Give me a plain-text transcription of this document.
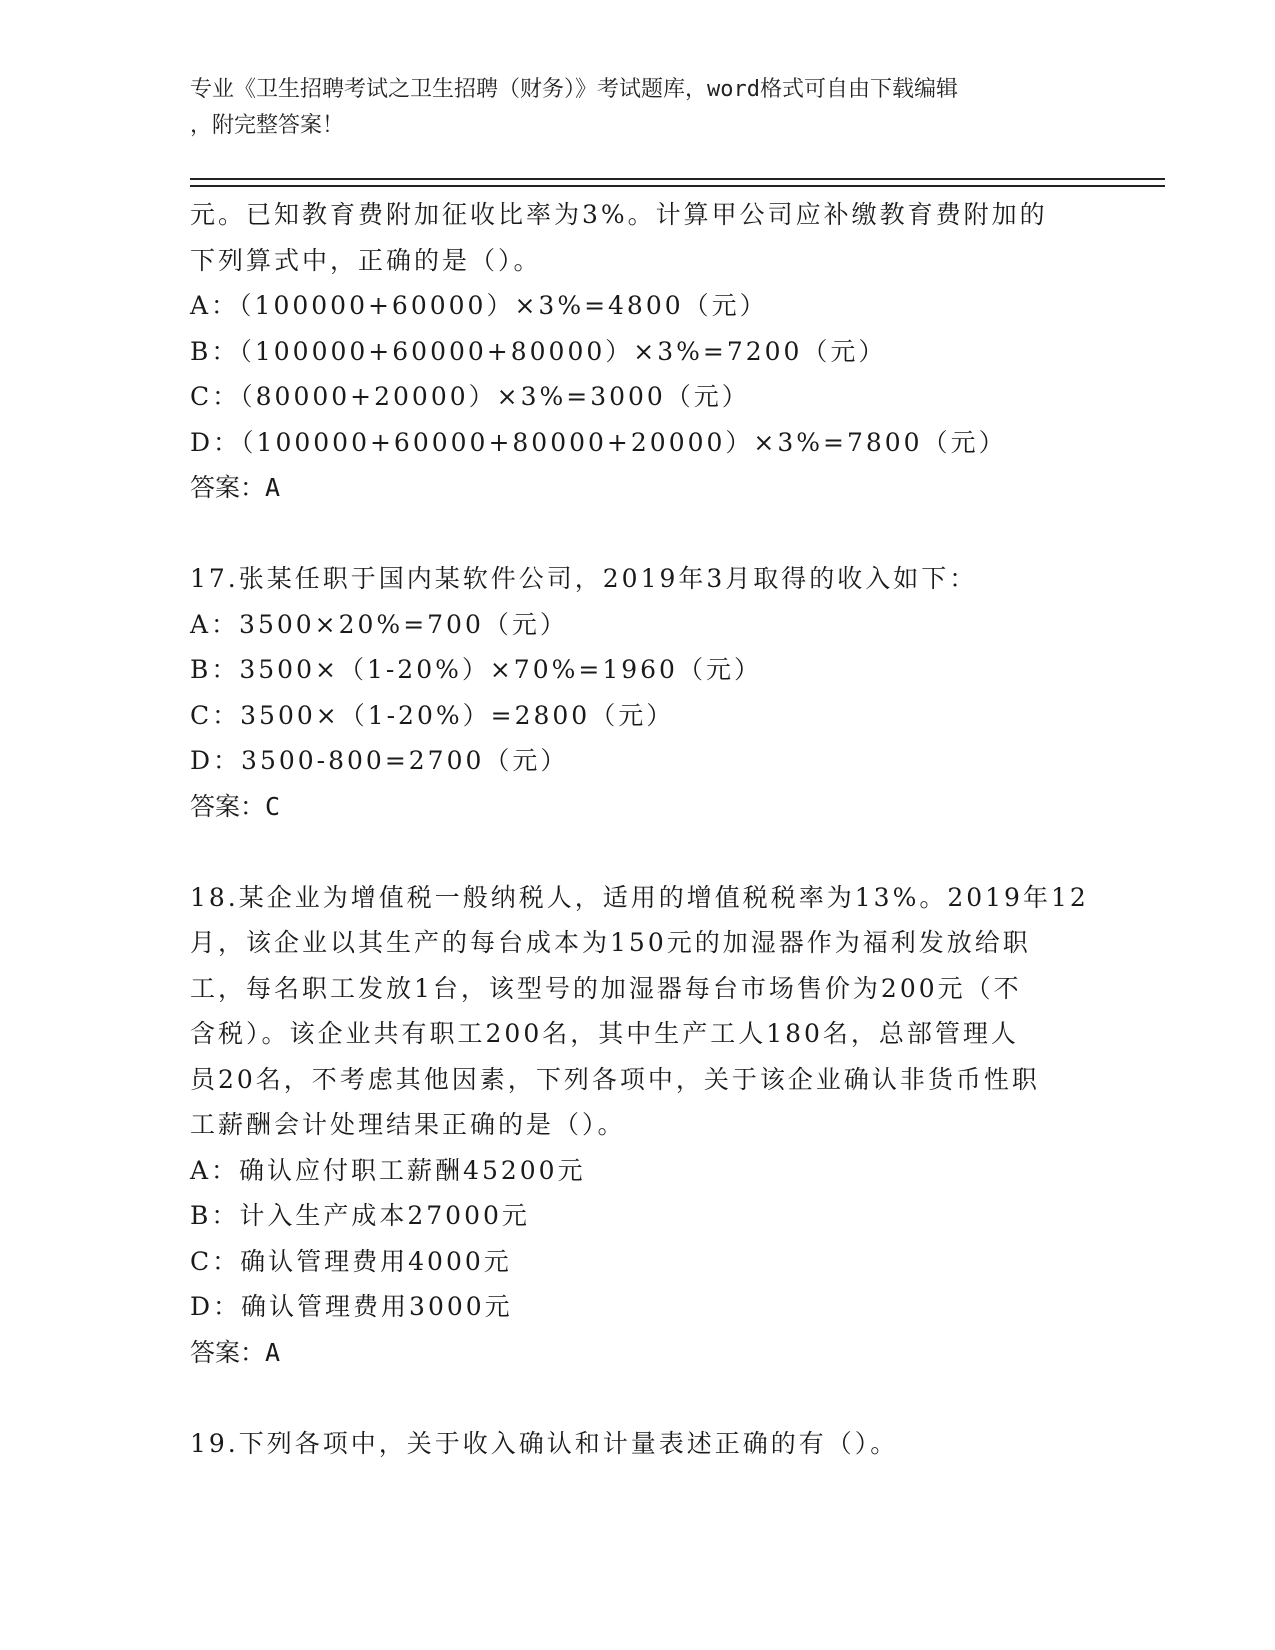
专业《卫生招聘考试之卫生招聘（财务）》考试题库，word格式可自由下载编辑
，附完整答案！
元。已知教育费附加征收比率为3%。计算甲公司应补缴教育费附加的
下列算式中，正确的是（）。
A：（100000+60000）×3%=4800（元）
B：（100000+60000+80000）×3%=7200（元）
C：（80000+20000）×3%=3000（元）
D：（100000+60000+80000+20000）×3%=7800（元）
答案：A
17.张某任职于国内某软件公司，2019年3月取得的收入如下：
A：3500×20%=700（元）
B：3500×（1-20%）×70%=1960（元）
C：3500×（1-20%）=2800（元）
D：3500-800=2700（元）
答案：C
18.某企业为增值税一般纳税人，适用的增值税税率为13%。2019年12
月，该企业以其生产的每台成本为150元的加湿器作为福利发放给职
工，每名职工发放1台，该型号的加湿器每台市场售价为200元（不
含税）。该企业共有职工200名，其中生产工人180名，总部管理人
员20名，不考虑其他因素，下列各项中，关于该企业确认非货币性职
工薪酬会计处理结果正确的是（）。
A：确认应付职工薪酬45200元
B：计入生产成本27000元
C：确认管理费用4000元
D：确认管理费用3000元
答案：A
19.下列各项中，关于收入确认和计量表述正确的有（）。
